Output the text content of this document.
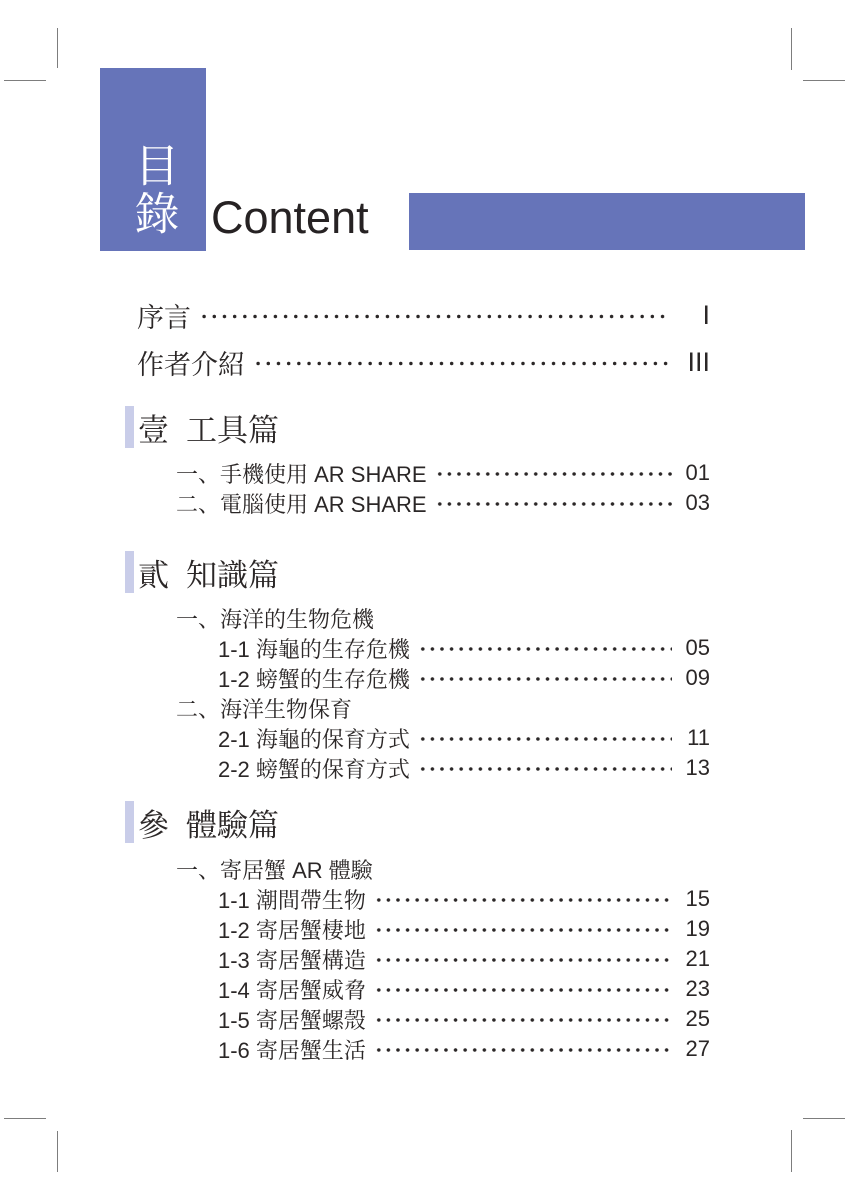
目錄 Content
序言	I
作者介紹	III
壹 工具篇
一、手機使用 AR SHARE	01
二、電腦使用 AR SHARE	03
貳 知識篇
一、海洋的生物危機
1-1 海龜的生存危機	05
1-2 螃蟹的生存危機	09
二、海洋生物保育
2-1 海龜的保育方式	11
2-2 螃蟹的保育方式	13
參 體驗篇
一、寄居蟹 AR 體驗
1-1 潮間帶生物	15
1-2 寄居蟹棲地	19
1-3 寄居蟹構造	21
1-4 寄居蟹威脅	23
1-5 寄居蟹螺殼	25
1-6 寄居蟹生活	27
